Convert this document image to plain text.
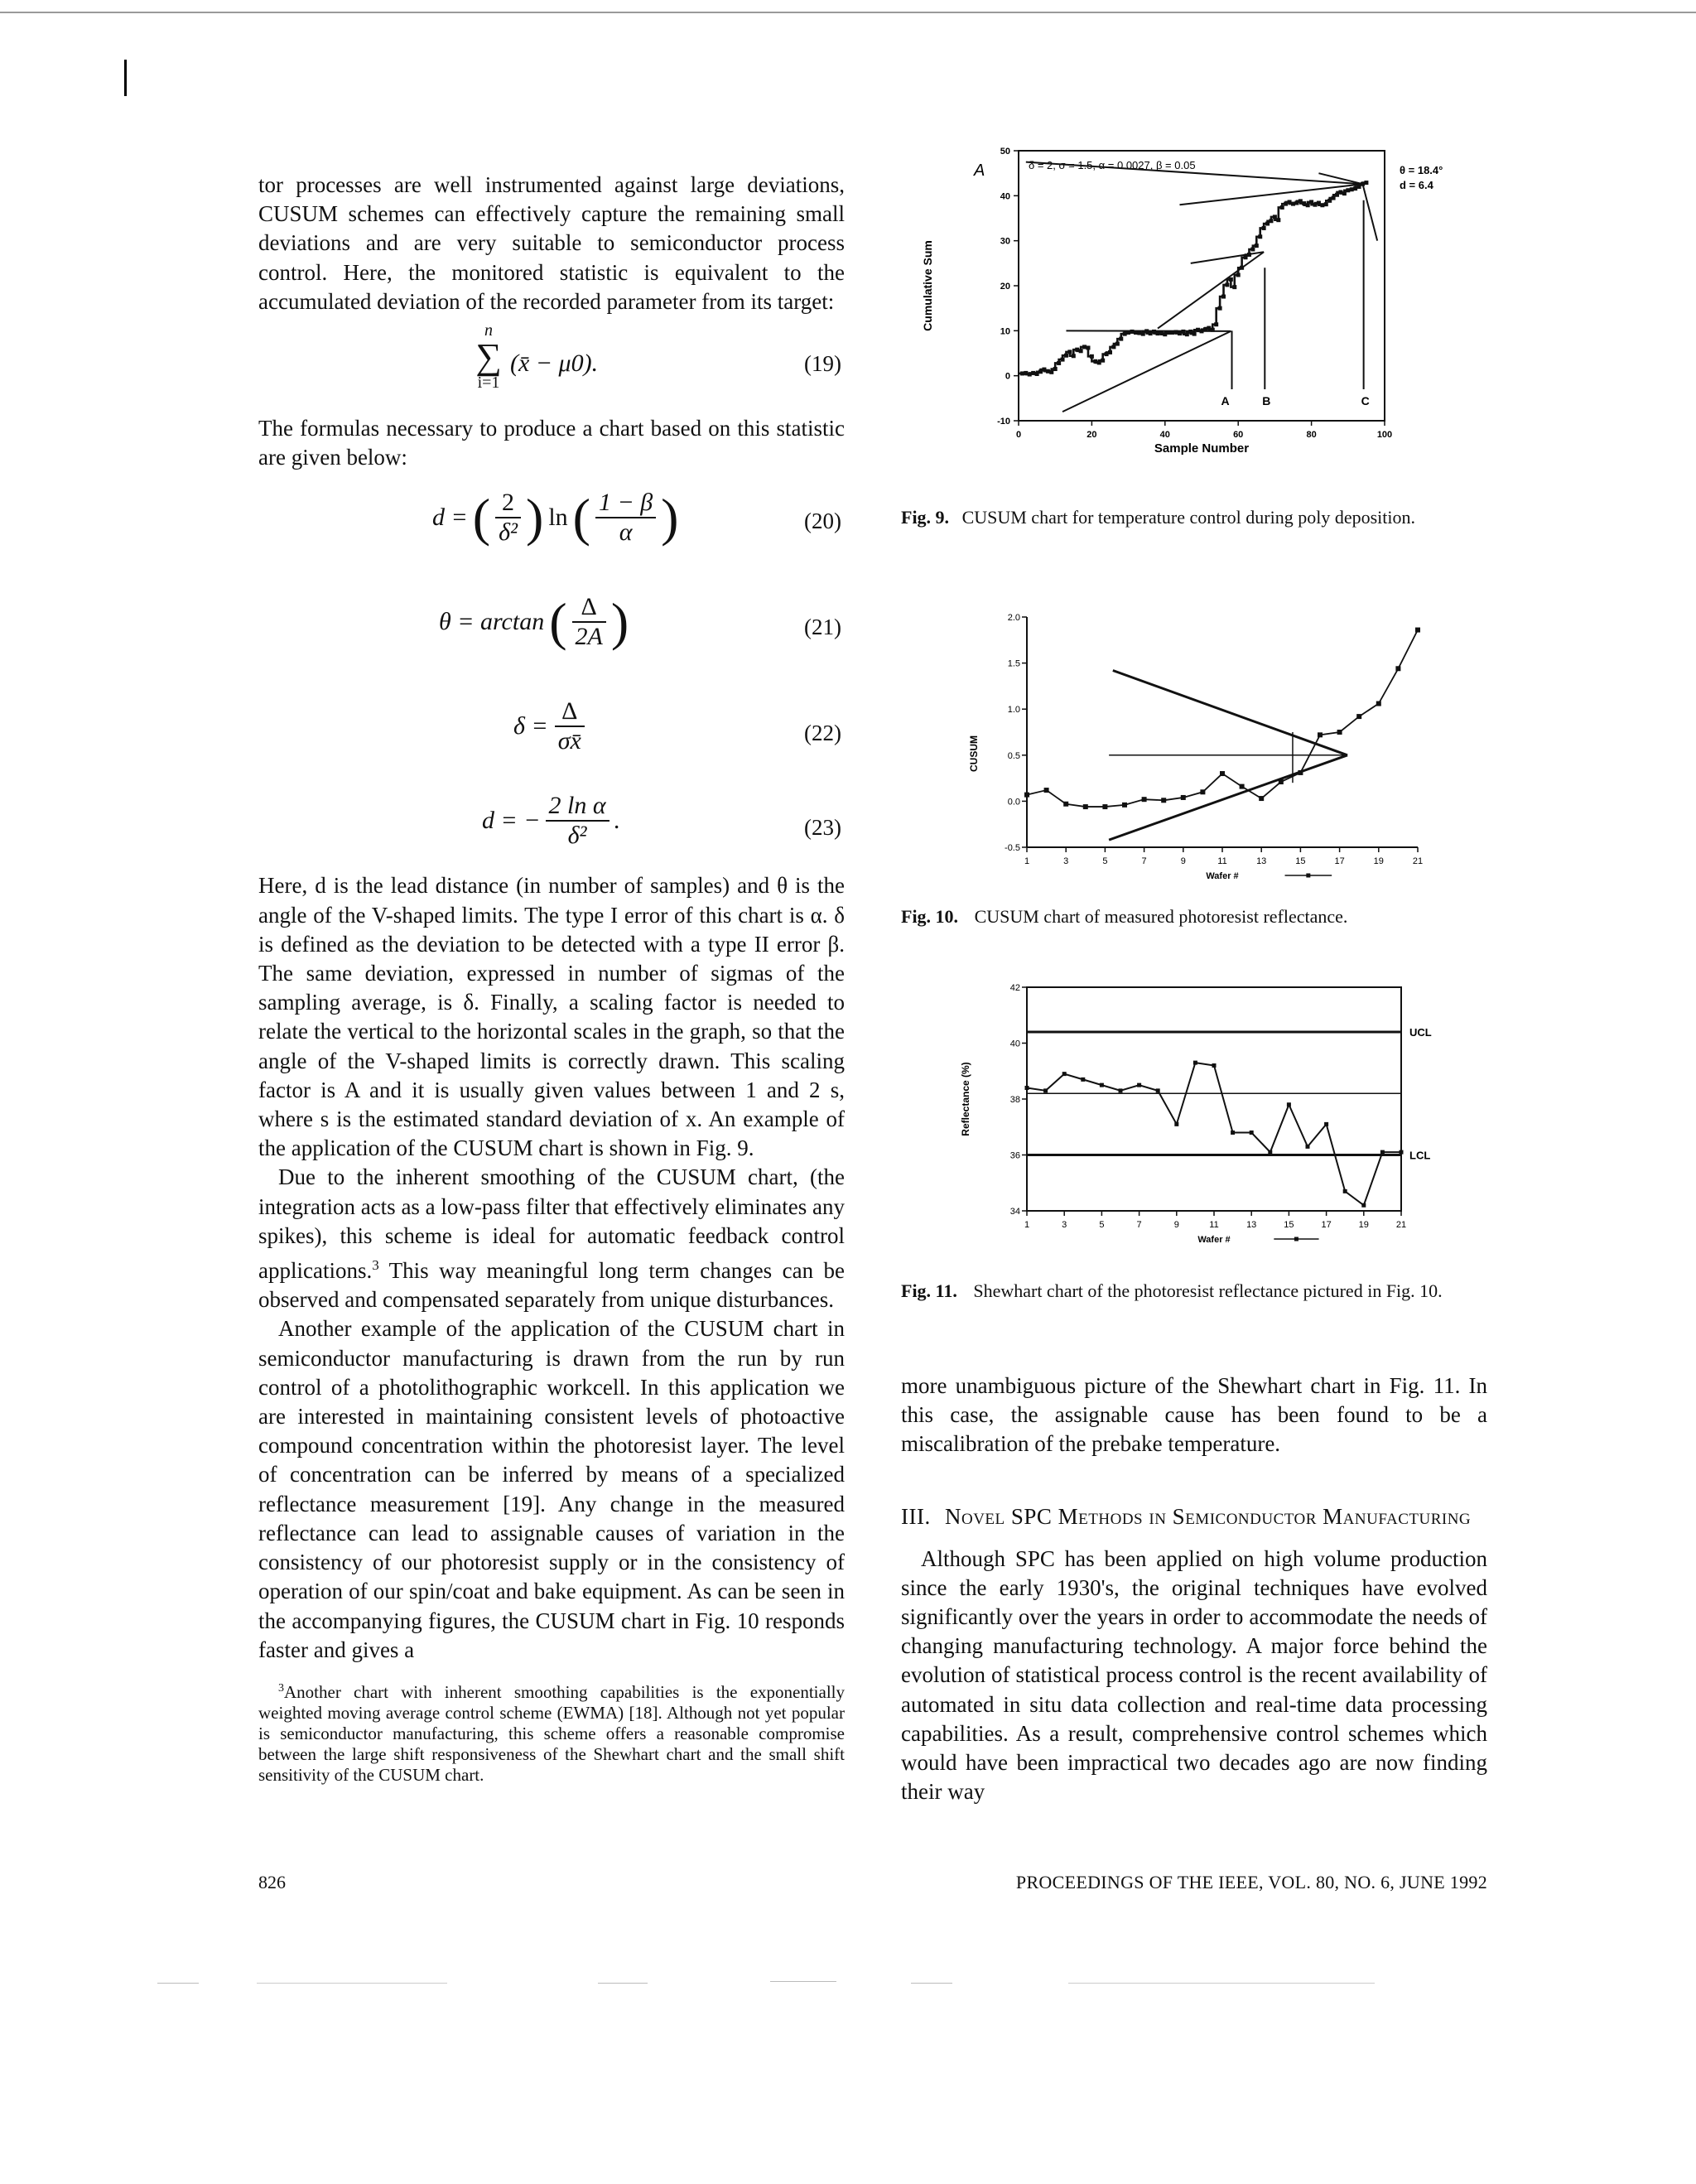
tor processes are well instrumented against large deviations, CUSUM schemes can effectively capture the remaining small deviations and are very suitable to semiconductor process control. Here, the monitored statistic is equivalent to the accumulated deviation of the recorded parameter from its target:

n
∑
i=1
(x̄ − μ0).	(19)

The formulas necessary to produce a chart based on this statistic are given below:

d = ( $\frac{2}{\text{δ²}}$ ) ln ( $\frac{1 - \beta}{\alpha}$ )	(20)
θ = arctan ( $\frac{\Delta}{2A}$ )	(21)
$\delta = \frac{\Delta}{\sigma x̄}$	(22)
d = − $\frac{\text{2 ln α}}{\text{δ²}}$ .	(23)

Here, d is the lead distance (in number of samples) and θ is the angle of the V-shaped limits. The type I error of this chart is α. δ is defined as the deviation to be detected with a type II error β. The same deviation, expressed in number of sigmas of the sampling average, is δ. Finally, a scaling factor is needed to relate the vertical to the horizontal scales in the graph, so that the angle of the V-shaped limits is correctly drawn. This scaling factor is A and it is usually given values between 1 and 2 s, where s is the estimated standard deviation of x. An example of the application of the CUSUM chart is shown in Fig. 9.

Due to the inherent smoothing of the CUSUM chart, (the integration acts as a low-pass filter that effectively eliminates any spikes), this scheme is ideal for automatic feedback control applications.$^3$ This way meaningful long term changes can be observed and compensated separately from unique disturbances.

Another example of the application of the CUSUM chart in semiconductor manufacturing is drawn from the run by run control of a photolithographic workcell. In this application we are interested in maintaining consistent levels of photoactive compound concentration within the photoresist layer. The level of concentration can be inferred by means of a specialized reflectance measurement [19]. Any change in the measured reflectance can lead to assignable causes of variation in the consistency of our photoresist supply or in the consistency of operation of our spin/coat and bake equipment. As can be seen in the accompanying figures, the CUSUM chart in Fig. 10 responds faster and gives a

$^3$Another chart with inherent smoothing capabilities is the exponentially weighted moving average control scheme (EWMA) [18]. Although not yet popular is semiconductor manufacturing, this scheme offers a reasonable compromise between the large shift responsiveness of the Shewhart chart and the small shift sensitivity of the CUSUM chart.
-10
0
10
20
30
40
50
0	20	40	60	80	100
Sample Number
Cumulative Sum
δ = 2, σ = 1.5, α = 0.0027, β = 0.05
A	θ = 18.4°
d = 6.4
A	B	C
Fig. 9. CUSUM chart for temperature control during poly deposition.
-0.5
0.0
0.5
1.0
1.5
2.0
1	3	5	7	9	11	13	15	17	19	21
Wafer #
CUSUM
Fig. 10. CUSUM chart of measured photoresist reflectance.
34
36
38
40
42
1	3	5	7	9	11	13	15	17	19	21
Wafer #
Reflectance (%)
UCL
LCL
Fig. 11. Shewhart chart of the photoresist reflectance pictured in Fig. 10.

more unambiguous picture of the Shewhart chart in Fig. 11. In this case, the assignable cause has been found to be a miscalibration of the prebake temperature.

III. Novel SPC Methods in Semiconductor Manufacturing

Although SPC has been applied on high volume production since the early 1930's, the original techniques have evolved significantly over the years in order to accommodate the needs of changing manufacturing technology. A major force behind the evolution of statistical process control is the recent availability of automated in situ data collection and real-time data processing capabilities. As a result, comprehensive control schemes which would have been impractical two decades ago are now finding their way

826	PROCEEDINGS OF THE IEEE, VOL. 80, NO. 6, JUNE 1992
